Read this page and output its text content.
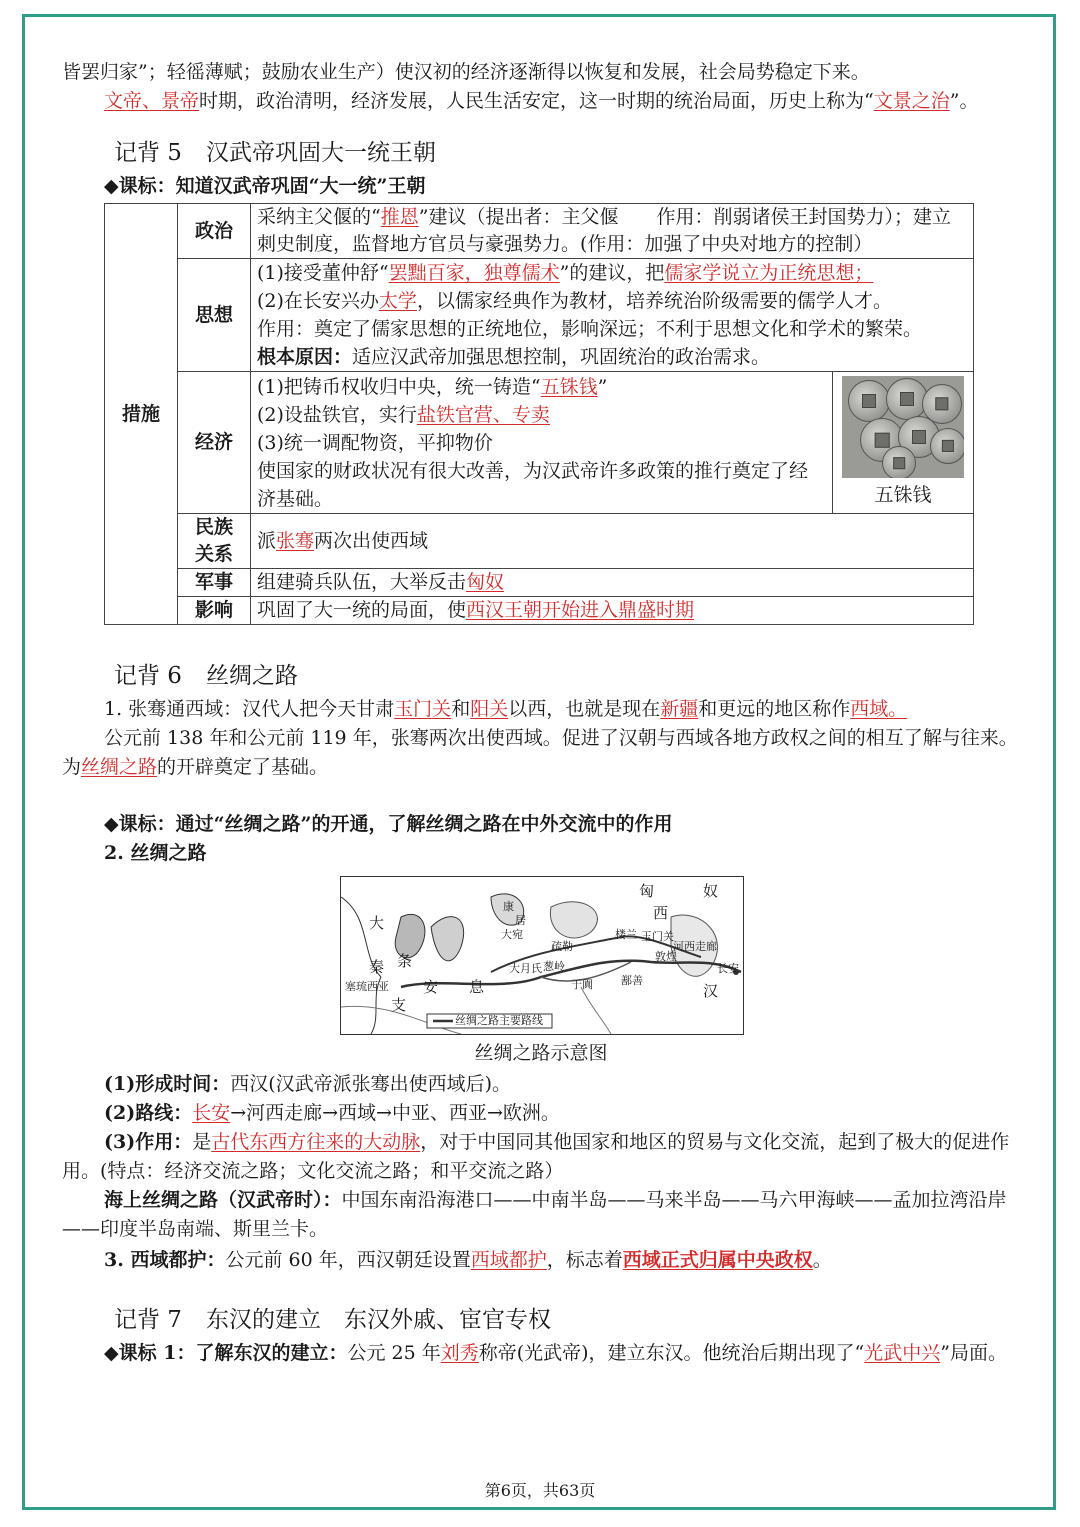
皆罢归家”；轻徭薄赋；鼓励农业生产）使汉初的经济逐渐得以恢复和发展，社会局势稳定下来。

文帝、景帝时期，政治清明，经济发展，人民生活安定，这一时期的统治局面，历史上称为“文景之治”。

记背 5 汉武帝巩固大一统王朝

◆课标：知道汉武帝巩固“大一统”王朝

措施	政治	采纳主父偃的“推恩”建议（提出者：主父偃　　作用：削弱诸侯王封国势力）；建立刺史制度，监督地方官员与豪强势力。(作用：加强了中央对地方的控制）	
	思想	(1)接受董仲舒“罢黜百家，独尊儒术”的建议，把儒家学说立为正统思想；
(2)在长安兴办太学，以儒家经典作为教材，培养统治阶级需要的儒学人才。
作用：奠定了儒家思想的正统地位，影响深远；不利于思想文化和学术的繁荣。
根本原因：适应汉武帝加强思想控制，巩固统治的政治需求。	

	经济	(1)把铸币权收归中央，统一铸造“五铢钱”
(2)设盐铁官，实行盐铁官营、专卖
(3)统一调配物资，平抑物价
使国家的财政状况有很大改善，为汉武帝许多政策的推行奠定了经济基础。	五铢钱

	民族
关系	派张骞两次出使西域	
	军事	组建骑兵队伍，大举反击匈奴	
	影响	巩固了大一统的局面，使西汉王朝开始进入鼎盛时期	
记背 6 丝绸之路

1. 张骞通西域：汉代人把今天甘肃玉门关和阳关以西，也就是现在新疆和更远的地区称作西域。

公元前 138 年和公元前 119 年，张骞两次出使西域。促进了汉朝与西域各地方政权之间的相互了解与往来。为丝绸之路的开辟奠定了基础。

◆课标：通过“丝绸之路”的开通，了解丝绸之路在中外交流中的作用

2. 丝绸之路

匈	奴
西
汉
长安
大
秦 条
支
安 息
康
居
大宛
疏勒
大月氏 葱岭
于阗	鄯善
楼兰 玉门关
敦煌
河西走廊
塞琉西亚
丝绸之路主要路线
丝绸之路示意图

(1)形成时间：西汉(汉武帝派张骞出使西域后)。

(2)路线：长安→河西走廊→西域→中亚、西亚→欧洲。

(3)作用：是古代东西方往来的大动脉，对于中国同其他国家和地区的贸易与文化交流，起到了极大的促进作用。(特点：经济交流之路；文化交流之路；和平交流之路）

海上丝绸之路（汉武帝时）：中国东南沿海港口——中南半岛——马来半岛——马六甲海峡——孟加拉湾沿岸——印度半岛南端、斯里兰卡。

3. 西域都护：公元前 60 年，西汉朝廷设置西域都护，标志着西域正式归属中央政权。

记背 7 东汉的建立　东汉外戚、宦官专权

◆课标 1：了解东汉的建立：公元 25 年刘秀称帝(光武帝)，建立东汉。他统治后期出现了“光武中兴”局面。

第6页，共63页
